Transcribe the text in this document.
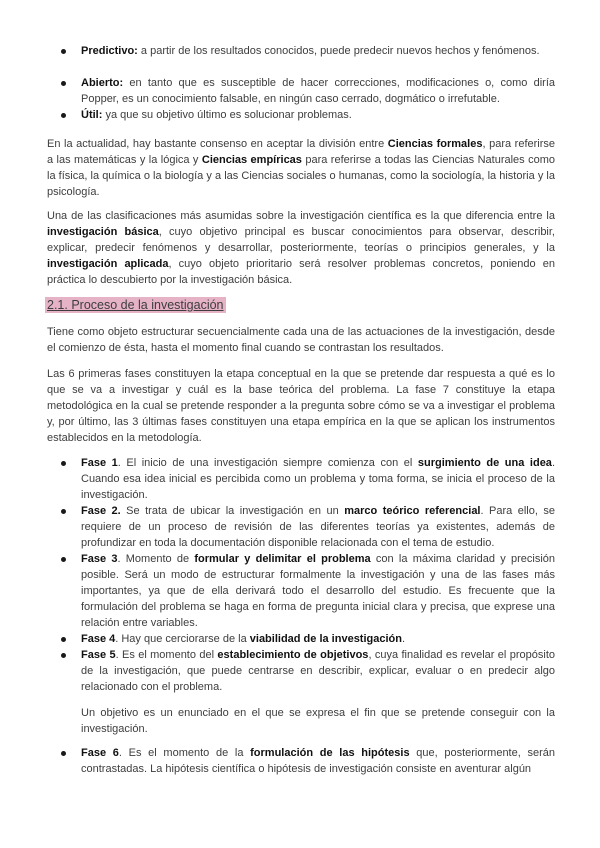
Predictivo: a partir de los resultados conocidos, puede predecir nuevos hechos y fenómenos.

Abierto: en tanto que es susceptible de hacer correcciones, modificaciones o, como diría Popper, es un conocimiento falsable, en ningún caso cerrado, dogmático o irrefutable.

Útil: ya que su objetivo último es solucionar problemas.

En la actualidad, hay bastante consenso en aceptar la división entre Ciencias formales, para referirse a las matemáticas y la lógica y Ciencias empíricas para referirse a todas las Ciencias Naturales como la física, la química o la biología y a las Ciencias sociales o humanas, como la sociología, la historia y la psicología.

Una de las clasificaciones más asumidas sobre la investigación científica es la que diferencia entre la investigación básica, cuyo objetivo principal es buscar conocimientos para observar, describir, explicar, predecir fenómenos y desarrollar, posteriormente, teorías o principios generales, y la investigación aplicada, cuyo objeto prioritario será resolver problemas concretos, poniendo en práctica lo descubierto por la investigación básica.

2.1. Proceso de la investigación

Tiene como objeto estructurar secuencialmente cada una de las actuaciones de la investigación, desde el comienzo de ésta, hasta el momento final cuando se contrastan los resultados.

Las 6 primeras fases constituyen la etapa conceptual en la que se pretende dar respuesta a qué es lo que se va a investigar y cuál es la base teórica del problema. La fase 7 constituye la etapa metodológica en la cual se pretende responder a la pregunta sobre cómo se va a investigar el problema y, por último, las 3 últimas fases constituyen una etapa empírica en la que se aplican los instrumentos establecidos en la metodología.

Fase 1. El inicio de una investigación siempre comienza con el surgimiento de una idea. Cuando esa idea inicial es percibida como un problema y toma forma, se inicia el proceso de la investigación.

Fase 2. Se trata de ubicar la investigación en un marco teórico referencial. Para ello, se requiere de un proceso de revisión de las diferentes teorías ya existentes, además de profundizar en toda la documentación disponible relacionada con el tema de estudio.

Fase 3. Momento de formular y delimitar el problema con la máxima claridad y precisión posible. Será un modo de estructurar formalmente la investigación y una de las fases más importantes, ya que de ella derivará todo el desarrollo del estudio. Es frecuente que la formulación del problema se haga en forma de pregunta inicial clara y precisa, que exprese una relación entre variables.

Fase 4. Hay que cerciorarse de la viabilidad de la investigación.

Fase 5. Es el momento del establecimiento de objetivos, cuya finalidad es revelar el propósito de la investigación, que puede centrarse en describir, explicar, evaluar o en predecir algo relacionado con el problema.

Un objetivo es un enunciado en el que se expresa el fin que se pretende conseguir con la investigación.

Fase 6. Es el momento de la formulación de las hipótesis que, posteriormente, serán contrastadas. La hipótesis científica o hipótesis de investigación consiste en aventurar algún
